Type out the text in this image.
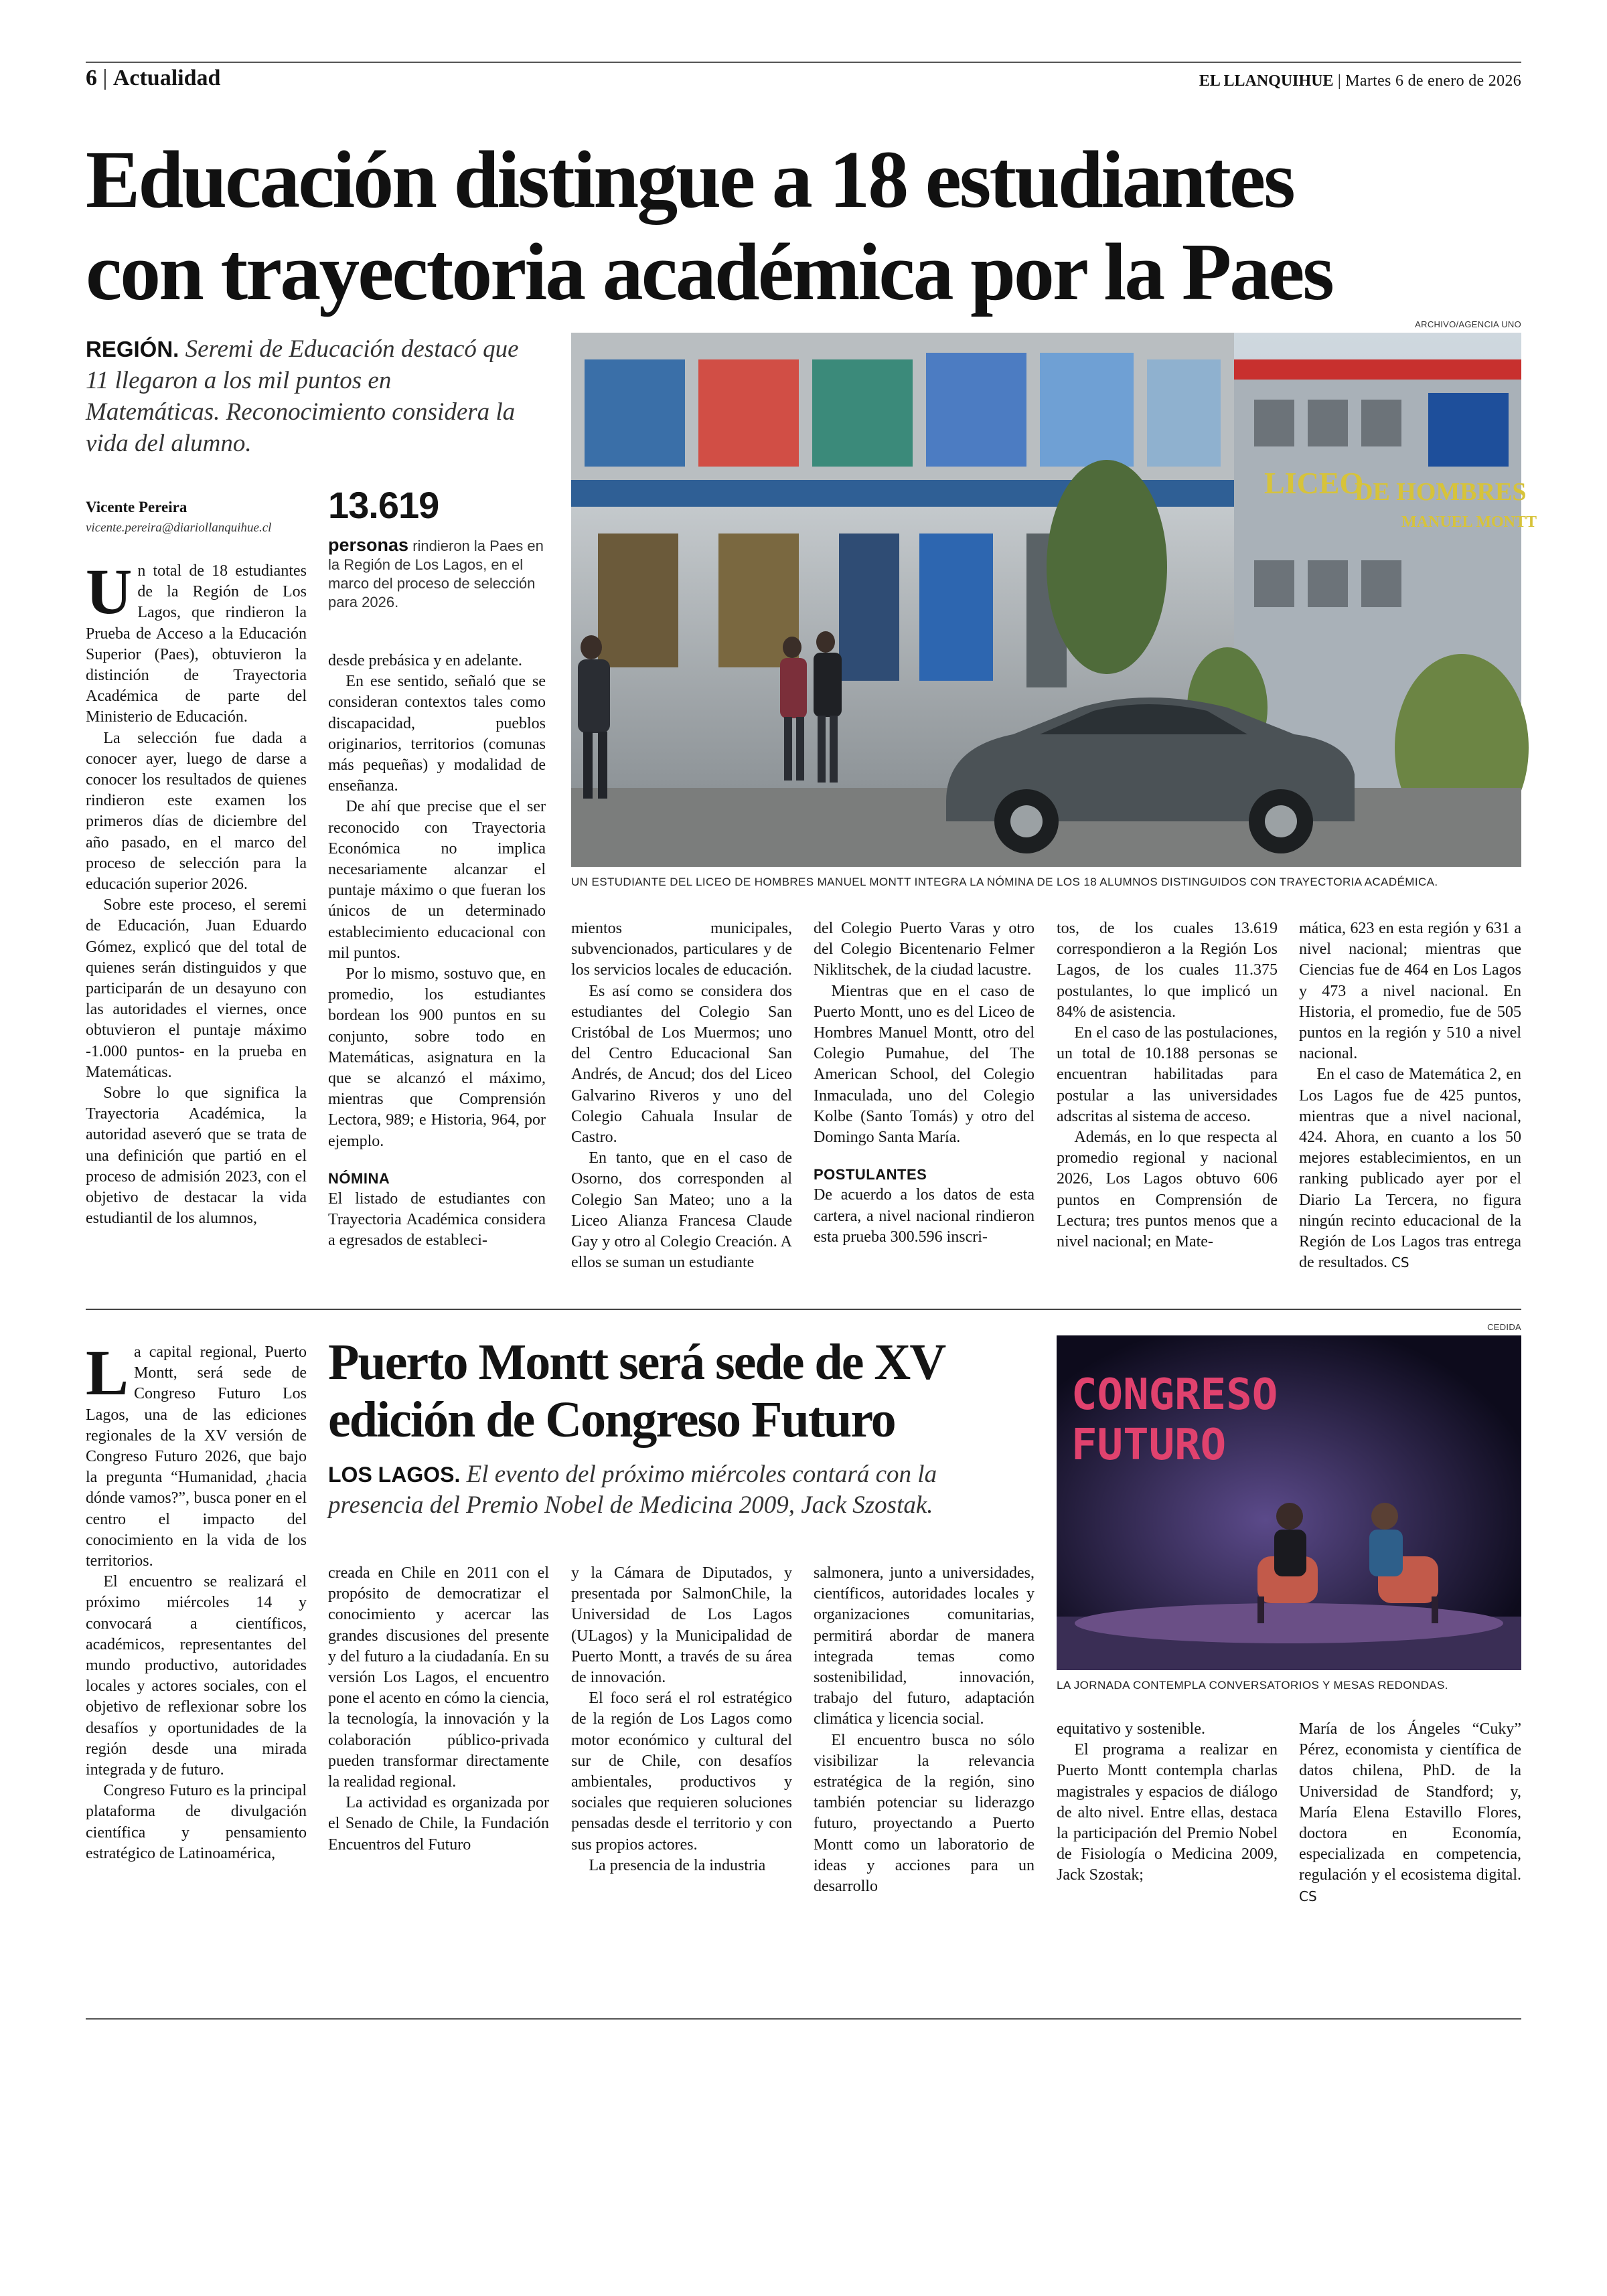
6 | Actualidad	EL LLANQUIHUE | Martes 6 de enero de 2026
Educación distingue a 18 estudiantes
con trayectoria académica por la Paes
ARCHIVO/AGENCIA UNO
REGIÓN. Seremi de Educación destacó que 11 llegaron a los mil puntos en Matemáticas. Reconocimiento considera la vida del alumno.
Vicente Pereira
vicente.pereira@diariollanquihue.cl
13.619
personas rindieron la Paes en la Región de Los Lagos, en el marco del proceso de selección para 2026.
LICEO
DE HOMBRES
MANUEL MONTT
UN ESTUDIANTE DEL LICEO DE HOMBRES MANUEL MONTT INTEGRA LA NÓMINA DE LOS 18 ALUMNOS DISTINGUIDOS CON TRAYECTORIA ACADÉMICA.

Un total de 18 estudiantes de la Región de Los Lagos, que rindieron la Prueba de Acceso a la Educación Superior (Paes), obtuvieron la distinción de Trayectoria Académica de parte del Ministerio de Educación.

La selección fue dada a conocer ayer, luego de darse a conocer los resultados de quienes rindieron este examen los primeros días de diciembre del año pasado, en el marco del proceso de selección para la educación superior 2026.

Sobre este proceso, el seremi de Educación, Juan Eduardo Gómez, explicó que del total de quienes serán distinguidos y que participarán de un desayuno con las autoridades el viernes, once obtuvieron el puntaje máximo -1.000 puntos- en la prueba en Matemáticas.

Sobre lo que significa la Trayectoria Académica, la autoridad aseveró que se trata de una definición que partió en el proceso de admisión 2023, con el objetivo de destacar la vida estudiantil de los alumnos,

desde prebásica y en adelante.

En ese sentido, señaló que se consideran contextos tales como discapacidad, pueblos originarios, territorios (comunas más pequeñas) y modalidad de enseñanza.

De ahí que precise que el ser reconocido con Trayectoria Económica no implica necesariamente alcanzar el puntaje máximo o que fueran los únicos de un determinado establecimiento educacional con mil puntos.

Por lo mismo, sostuvo que, en promedio, los estudiantes bordean los 900 puntos en su conjunto, sobre todo en Matemáticas, asignatura en la que se alcanzó el máximo, mientras que Comprensión Lectora, 989; e Historia, 964, por ejemplo.

NÓMINA

El listado de estudiantes con Trayectoria Académica considera a egresados de estableci-

mientos municipales, subvencionados, particulares y de los servicios locales de educación.

Es así como se considera dos estudiantes del Colegio San Cristóbal de Los Muermos; uno del Centro Educacional San Andrés, de Ancud; dos del Liceo Galvarino Riveros y uno del Colegio Cahuala Insular de Castro.

En tanto, que en el caso de Osorno, dos corresponden al Colegio San Mateo; uno a la Liceo Alianza Francesa Claude Gay y otro al Colegio Creación. A ellos se suman un estudiante

del Colegio Puerto Varas y otro del Colegio Bicentenario Felmer Niklitschek, de la ciudad lacustre.

Mientras que en el caso de Puerto Montt, uno es del Liceo de Hombres Manuel Montt, otro del Colegio Pumahue, del The American School, del Colegio Inmaculada, uno del Colegio Kolbe (Santo Tomás) y otro del Domingo Santa María.

POSTULANTES

De acuerdo a los datos de esta cartera, a nivel nacional rindieron esta prueba 300.596 inscri-

tos, de los cuales 13.619 correspondieron a la Región Los Lagos, de los cuales 11.375 postulantes, lo que implicó un 84% de asistencia.

En el caso de las postulaciones, un total de 10.188 personas se encuentran habilitadas para postular a las universidades adscritas al sistema de acceso.

Además, en lo que respecta al promedio regional y nacional 2026, Los Lagos obtuvo 606 puntos en Comprensión de Lectura; tres puntos menos que a nivel nacional; en Mate-

mática, 623 en esta región y 631 a nivel nacional; mientras que Ciencias fue de 464 en Los Lagos y 473 a nivel nacional. En Historia, el promedio, fue de 505 puntos en la región y 510 a nivel nacional.

En el caso de Matemática 2, en Los Lagos fue de 425 puntos, mientras que a nivel nacional, 424. Ahora, en cuanto a los 50 mejores establecimientos, en un ranking publicado ayer por el Diario La Tercera, no figura ningún recinto educacional de la Región de Los Lagos tras entrega de resultados. CS

La capital regional, Puerto Montt, será sede de Congreso Futuro Los Lagos, una de las ediciones regionales de la XV versión de Congreso Futuro 2026, que bajo la pregunta “Humanidad, ¿hacia dónde vamos?”, busca poner en el centro el impacto del conocimiento en la vida de los territorios.

El encuentro se realizará el próximo miércoles 14 y convocará a científicos, académicos, representantes del mundo productivo, autoridades locales y actores sociales, con el objetivo de reflexionar sobre los desafíos y oportunidades de la región desde una mirada integrada y de futuro.

Congreso Futuro es la principal plataforma de divulgación científica y pensamiento estratégico de Latinoamérica,

Puerto Montt será sede de XV
edición de Congreso Futuro
LOS LAGOS. El evento del próximo miércoles contará con la presencia del Premio Nobel de Medicina 2009, Jack Szostak.
CEDIDA
CONGRESO
FUTURO
LA JORNADA CONTEMPLA CONVERSATORIOS Y MESAS REDONDAS.

creada en Chile en 2011 con el propósito de democratizar el conocimiento y acercar las grandes discusiones del presente y del futuro a la ciudadanía. En su versión Los Lagos, el encuentro pone el acento en cómo la ciencia, la tecnología, la innovación y la colaboración público-privada pueden transformar directamente la realidad regional.

La actividad es organizada por el Senado de Chile, la Fundación Encuentros del Futuro

y la Cámara de Diputados, y presentada por SalmonChile, la Universidad de Los Lagos (ULagos) y la Municipalidad de Puerto Montt, a través de su área de innovación.

El foco será el rol estratégico de la región de Los Lagos como motor económico y cultural del sur de Chile, con desafíos ambientales, productivos y sociales que requieren soluciones pensadas desde el territorio y con sus propios actores.

La presencia de la industria

salmonera, junto a universidades, científicos, autoridades locales y organizaciones comunitarias, permitirá abordar de manera integrada temas como sostenibilidad, innovación, trabajo del futuro, adaptación climática y licencia social.

El encuentro busca no sólo visibilizar la relevancia estratégica de la región, sino también potenciar su liderazgo futuro, proyectando a Puerto Montt como un laboratorio de ideas y acciones para un desarrollo

equitativo y sostenible.

El programa a realizar en Puerto Montt contempla charlas magistrales y espacios de diálogo de alto nivel. Entre ellas, destaca la participación del Premio Nobel de Fisiología o Medicina 2009, Jack Szostak;

María de los Ángeles “Cuky” Pérez, economista y científica de datos chilena, PhD. de la Universidad de Standford; y, María Elena Estavillo Flores, doctora en Economía, especializada en competencia, regulación y el ecosistema digital. CS
